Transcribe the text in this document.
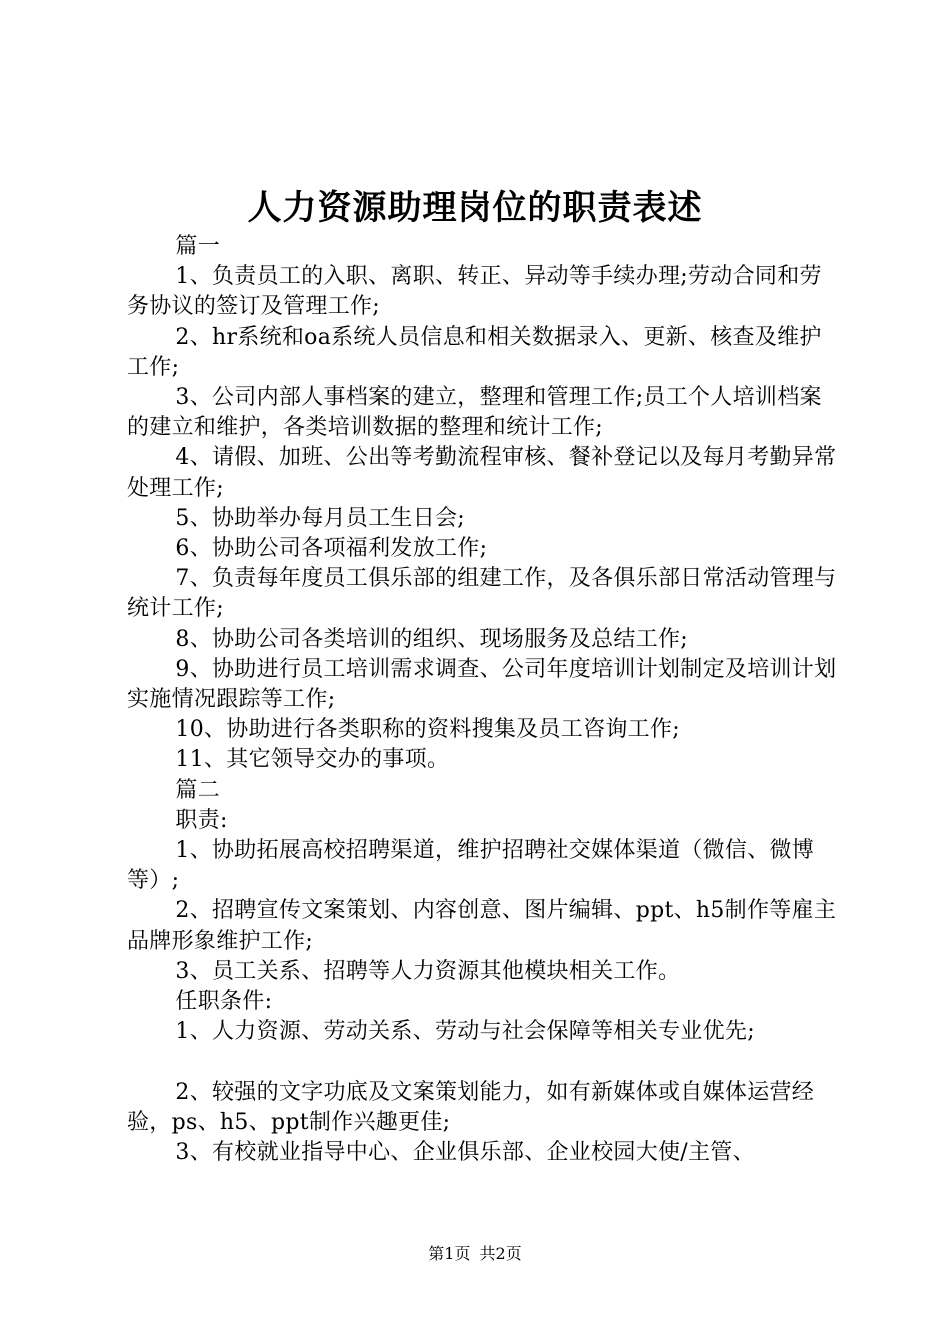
人力资源助理岗位的职责表述

篇一

1、负责员工的入职、离职、转正、异动等手续办理;劳动合同和劳务协议的签订及管理工作;

2、hr系统和oa系统人员信息和相关数据录入、更新、核查及维护工作;

3、公司内部人事档案的建立，整理和管理工作;员工个人培训档案的建立和维护，各类培训数据的整理和统计工作;

4、请假、加班、公出等考勤流程审核、餐补登记以及每月考勤异常处理工作;

5、协助举办每月员工生日会;

6、协助公司各项福利发放工作;

7、负责每年度员工俱乐部的组建工作，及各俱乐部日常活动管理与统计工作;

8、协助公司各类培训的组织、现场服务及总结工作;

9、协助进行员工培训需求调查、公司年度培训计划制定及培训计划实施情况跟踪等工作;

10、协助进行各类职称的资料搜集及员工咨询工作;

11、其它领导交办的事项。

篇二

职责:

1、协助拓展高校招聘渠道，维护招聘社交媒体渠道（微信、微博等）;

2、招聘宣传文案策划、内容创意、图片编辑、ppt、h5制作等雇主品牌形象维护工作;

3、员工关系、招聘等人力资源其他模块相关工作。

任职条件:

1、人力资源、劳动关系、劳动与社会保障等相关专业优先;

2、较强的文字功底及文案策划能力，如有新媒体或自媒体运营经验，ps、h5、ppt制作兴趣更佳;

3、有校就业指导中心、企业俱乐部、企业校园大使/主管、

第1页 共2页
